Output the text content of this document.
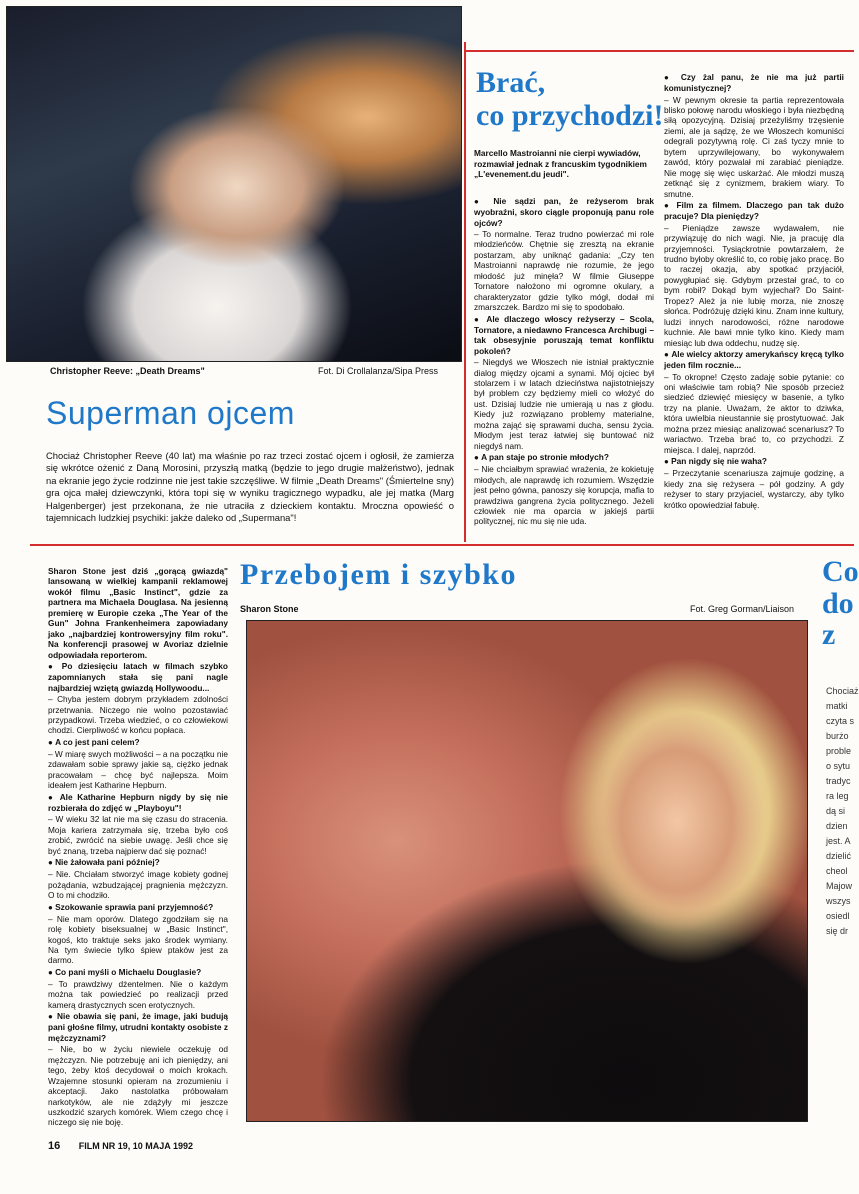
Christopher Reeve: „Death Dreams"	Fot. Di Crollalanza/Sipa Press
Superman ojcem

Chociaż Christopher Reeve (40 lat) ma właśnie po raz trzeci zostać ojcem i ogłosił, że zamierza się wkrótce ożenić z Daną Morosini, przyszłą matką (będzie to jego drugie małżeństwo), jednak na ekranie jego życie rodzinne nie jest takie szczęśliwe. W filmie „Death Dreams" (Śmiertelne sny) gra ojca małej dziewczynki, która topi się w wyniku tragicznego wypadku, ale jej matka (Marg Halgenberger) jest przekonana, że nie utraciła z dzieckiem kontaktu. Mroczna opowieść o tajemnicach ludzkiej psychiki: jakże daleko od „Supermana"!

Brać,
co przychodzi!

Marcello Mastroianni nie cierpi wywiadów, rozmawiał jednak z francuskim tygodnikiem „L'evenement.du jeudi".

● Nie sądzi pan, że reżyserom brak wyobraźni, skoro ciągle proponują panu role ojców?

– To normalne. Teraz trudno powierzać mi role młodzieńców. Chętnie się zresztą na ekranie postarzam, aby uniknąć gadania: „Czy ten Mastroianni naprawdę nie rozumie, że jego młodość już minęła? W filmie Giuseppe Tornatore nałożono mi ogromne okulary, a charakteryzator gdzie tylko mógł, dodał mi zmarszczek. Bardzo mi się to spodobało.

● Ale dlaczego włoscy reżyserzy – Scola, Tornatore, a niedawno Francesca Archibugi – tak obsesyjnie poruszają temat konfliktu pokoleń?

– Niegdyś we Włoszech nie istniał praktycznie dialog między ojcami a synami. Mój ojciec był stolarzem i w latach dzieciństwa najistotniejszy był problem czy będziemy mieli co włożyć do ust. Dzisiaj ludzie nie umierają u nas z głodu. Kiedy już rozwiązano problemy materialne, można zająć się sprawami ducha, sensu życia. Młodym jest teraz łatwiej się buntować niż niegdyś nam.

● A pan staje po stronie młodych?

– Nie chciałbym sprawiać wrażenia, że kokietuję młodych, ale naprawdę ich rozumiem. Wszędzie jest pełno gówna, panoszy się korupcja, mafia to prawdziwa gangrena życia politycznego. Jeżeli człowiek nie ma oparcia w jakiejś partii politycznej, nic mu się nie uda.

● Czy żal panu, że nie ma już partii komunistycznej?

– W pewnym okresie ta partia reprezentowała blisko połowę narodu włoskiego i była niezbędną siłą opozycyjną. Dzisiaj przeżyliśmy trzęsienie ziemi, ale ja sądzę, że we Włoszech komuniści odegrali pozytywną rolę. Ci zaś tyczy mnie to bytem uprzywilejowany, bo wykonywałem zawód, który pozwalał mi zarabiać pieniądze. Nie mogę się więc uskarżać. Ale młodzi muszą zetknąć się z cynizmem, brakiem wiary. To smutne.

● Film za filmem. Dlaczego pan tak dużo pracuje? Dla pieniędzy?

– Pieniądze zawsze wydawałem, nie przywiązuję do nich wagi. Nie, ja pracuję dla przyjemności. Tysiąckrotnie powtarzałem, że trudno byłoby określić to, co robię jako pracę. Bo to raczej okazja, aby spotkać przyjaciół, powygłupiać się. Gdybym przestał grać, to co bym robił? Dokąd bym wyjechał? Do Saint-Tropez? Ależ ja nie lubię morza, nie znoszę słońca. Podróżuję dzięki kinu. Znam inne kultury, ludzi innych narodowości, różne narodowe kuchnie. Ale bawi mnie tylko kino. Kiedy mam miesiąc lub dwa oddechu, nudzę się.

● Ale wielcy aktorzy amerykańscy kręcą tylko jeden film rocznie...

– To okropne! Często zadaję sobie pytanie: co oni właściwie tam robią? Nie sposób przecież siedzieć dziewięć miesięcy w basenie, a tylko trzy na planie. Uważam, że aktor to dziwka, która uwielbia nieustannie się prostytuować. Jak można przez miesiąc analizować scenariusz? To wariactwo. Trzeba brać to, co przychodzi. Z miejsca. I dalej, naprzód.

● Pan nigdy się nie waha?

– Przeczytanie scenariusza zajmuje godzinę, a kiedy zna się reżysera – pół godziny. A gdy reżyser to stary przyjaciel, wystarczy, aby tylko krótko opowiedział fabułę.

Przebojem i szybko
Sharon Stone	Fot. Greg Gorman/Liaison

Sharon Stone jest dziś „gorącą gwiazdą" lansowaną w wielkiej kampanii reklamowej wokół filmu „Basic Instinct", gdzie za partnera ma Michaela Douglasa. Na jesienną premierę w Europie czeka „The Year of the Gun" Johna Frankenheimera zapowiadany jako „najbardziej kontrowersyjny film roku". Na konferencji prasowej w Avoriaz dzielnie odpowiadała reporterom.

● Po dziesięciu latach w filmach szybko zapomnianych stała się pani nagle najbardziej wziętą gwiazdą Hollywoodu...

– Chyba jestem dobrym przykładem zdolności przetrwania. Niczego nie wolno pozostawiać przypadkowi. Trzeba wiedzieć, o co człowiekowi chodzi. Cierpliwość w końcu popłaca.

● A co jest pani celem?

– W miarę swych możliwości – a na początku nie zdawałam sobie sprawy jakie są, ciężko jednak pracowałam – chcę być najlepsza. Moim ideałem jest Katharine Hepburn.

● Ale Katharine Hepburn nigdy by się nie rozbierała do zdjęć w „Playboyu"!

– W wieku 32 lat nie ma się czasu do stracenia. Moja kariera zatrzymała się, trzeba było coś zrobić, zwrócić na siebie uwagę. Jeśli chce się być znaną, trzeba najpierw dać się poznać!

● Nie żałowała pani później?

– Nie. Chciałam stworzyć image kobiety godnej pożądania, wzbudzającej pragnienia mężczyzn. O to mi chodziło.

● Szokowanie sprawia pani przyjemność?

– Nie mam oporów. Dlatego zgodziłam się na rolę kobiety biseksualnej w „Basic Instinct", kogoś, kto traktuje seks jako środek wymiany. Na tym świecie tylko śpiew ptaków jest za darmo.

● Co pani myśli o Michaelu Douglasie?

– To prawdziwy dżentelmen. Nie o każdym można tak powiedzieć po realizacji przed kamerą drastycznych scen erotycznych.

● Nie obawia się pani, że image, jaki budują pani głośne filmy, utrudni kontakty osobiste z mężczyznami?

– Nie, bo w życiu niewiele oczekuję od mężczyzn. Nie potrzebuję ani ich pieniędzy, ani tego, żeby ktoś decydował o moich krokach. Wzajemne stosunki opieram na zrozumieniu i akceptacji. Jako nastolatka próbowałam narkotyków, ale nie zdążyły mi jeszcze uszkodzić szarych komórek. Wiem czego chcę i niczego się nie boję.

Co
do
z
Chociaż
matki
czyta s
burżo
proble
o sytu
tradyc
ra leg
dą si
dzien
jest. A
dzielić
cheol
Majow
wszys
osiedl
się dr
16 FILM NR 19, 10 MAJA 1992
